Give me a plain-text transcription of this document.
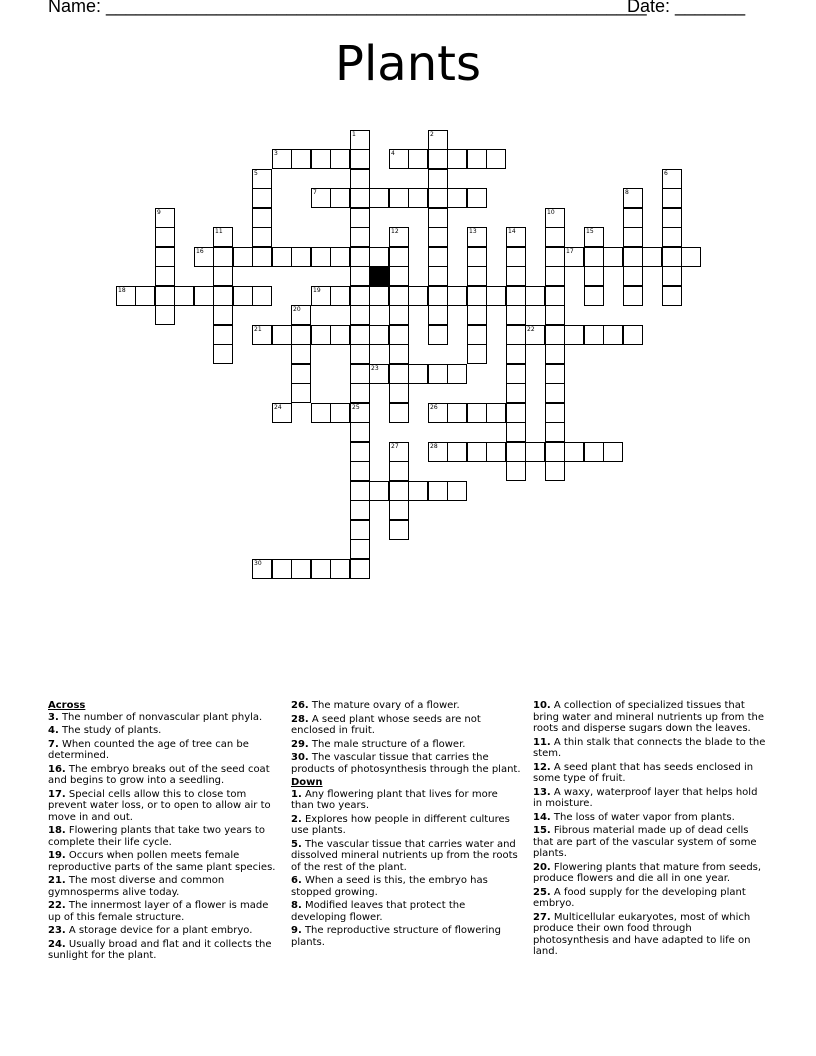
Name: ______________________________________________________
Date: _______
Plants
1	2
3	4
5	6
7	8
9	10
11	12	13	14	15
16	17
18	19
20
21	22
23
24	25	26
27	28
30

Across

3. The number of nonvascular plant phyla.

4. The study of plants.

7. When counted the age of tree can be determined.

16. The embryo breaks out of the seed coat and begins to grow into a seedling.

17. Special cells allow this to close tom prevent water loss, or to open to allow air to move in and out.

18. Flowering plants that take two years to complete their life cycle.

19. Occurs when pollen meets female reproductive parts of the same plant species.

21. The most diverse and common gymnosperms alive today.

22. The innermost layer of a flower is made up of this female structure.

23. A storage device for a plant embryo.

24. Usually broad and flat and it collects the sunlight for the plant.

26. The mature ovary of a flower.

28. A seed plant whose seeds are not enclosed in fruit.

29. The male structure of a flower.

30. The vascular tissue that carries the products of photosynthesis through the plant.

Down

1. Any flowering plant that lives for more than two years.

2. Explores how people in different cultures use plants.

5. The vascular tissue that carries water and dissolved mineral nutrients up from the roots of the rest of the plant.

6. When a seed is this, the embryo has stopped growing.

8. Modified leaves that protect the developing flower.

9. The reproductive structure of flowering plants.

10. A collection of specialized tissues that bring water and mineral nutrients up from the roots and disperse sugars down the leaves.

11. A thin stalk that connects the blade to the stem.

12. A seed plant that has seeds enclosed in some type of fruit.

13. A waxy, waterproof layer that helps hold in moisture.

14. The loss of water vapor from plants.

15. Fibrous material made up of dead cells that are part of the vascular system of some plants.

20. Flowering plants that mature from seeds, produce flowers and die all in one year.

25. A food supply for the developing plant embryo.

27. Multicellular eukaryotes, most of which produce their own food through photosynthesis and have adapted to life on land.
